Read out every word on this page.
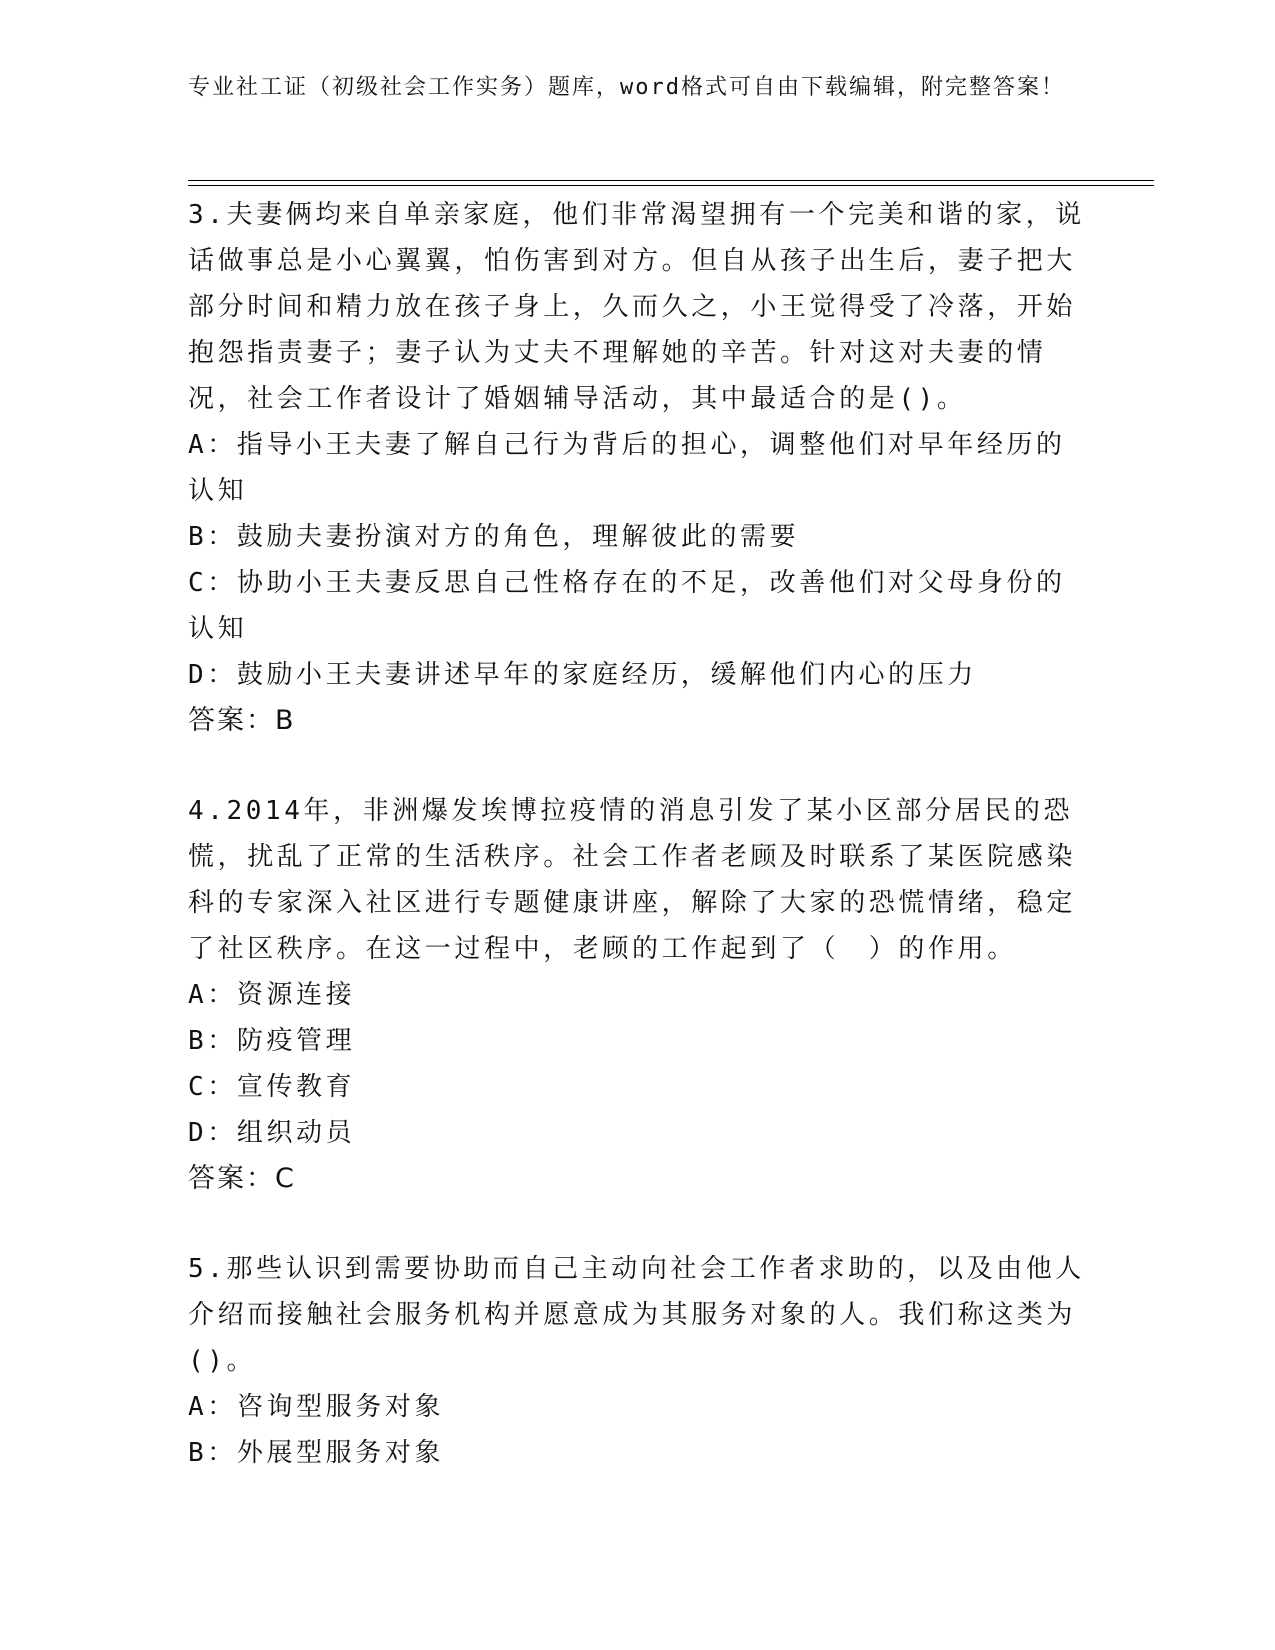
专业社工证（初级社会工作实务）题库，word格式可自由下载编辑，附完整答案！

3.夫妻俩均来自单亲家庭，他们非常渴望拥有一个完美和谐的家，说话做事总是小心翼翼，怕伤害到对方。但自从孩子出生后，妻子把大部分时间和精力放在孩子身上，久而久之，小王觉得受了冷落，开始抱怨指责妻子；妻子认为丈夫不理解她的辛苦。针对这对夫妻的情况，社会工作者设计了婚姻辅导活动，其中最适合的是()。

A：指导小王夫妻了解自己行为背后的担心，调整他们对早年经历的认知

B：鼓励夫妻扮演对方的角色，理解彼此的需要

C：协助小王夫妻反思自己性格存在的不足，改善他们对父母身份的认知

D：鼓励小王夫妻讲述早年的家庭经历，缓解他们内心的压力

答案：B

4.2014年，非洲爆发埃博拉疫情的消息引发了某小区部分居民的恐慌，扰乱了正常的生活秩序。社会工作者老顾及时联系了某医院感染科的专家深入社区进行专题健康讲座，解除了大家的恐慌情绪，稳定了社区秩序。在这一过程中，老顾的工作起到了（　）的作用。

A：资源连接

B：防疫管理

C：宣传教育

D：组织动员

答案：C

5.那些认识到需要协助而自己主动向社会工作者求助的，以及由他人介绍而接触社会服务机构并愿意成为其服务对象的人。我们称这类为()。

A：咨询型服务对象

B：外展型服务对象
